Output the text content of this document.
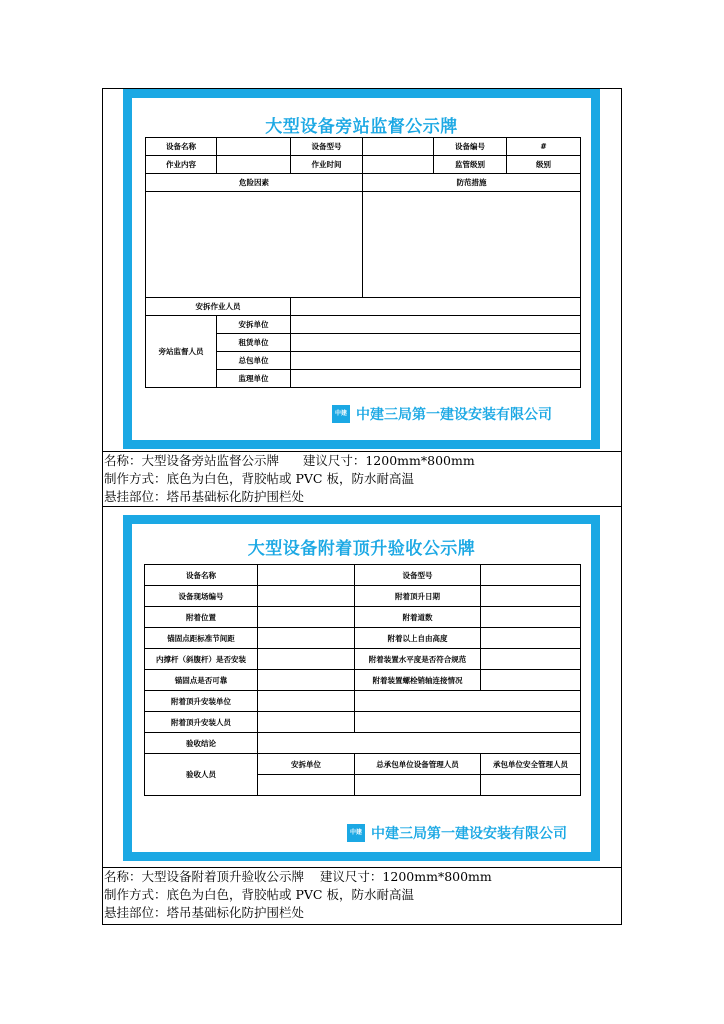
大型设备旁站监督公示牌
设备名称		设备型号		设备编号	#
作业内容		作业时间		监管级别	级别
危险因素			防范措施		

安拆作业人员					
旁站监督人员	安拆单位				
	租赁单位				
	总包单位				
	监理单位				
中建 中建三局第一建设安装有限公司
名称：大型设备旁站监督公示牌 建议尺寸：1200mm*800mm
制作方式：底色为白色，背胶帖或 PVC 板，防水耐高温
悬挂部位：塔吊基础标化防护围栏处
大型设备附着顶升验收公示牌
设备名称		设备型号	
设备现场编号		附着顶升日期	
附着位置		附着道数	
锚固点距标准节间距		附着以上自由高度	
内撑杆（斜腹杆）是否安装		附着装置水平度是否符合规范	
锚固点是否可靠		附着装置螺栓销轴连接情况	
附着顶升安装单位			
附着顶升安装人员			
验收结论			
验收人员	安拆单位	总承包单位设备管理人员	承包单位安全管理人员

中建 中建三局第一建设安装有限公司
名称：大型设备附着顶升验收公示牌 建议尺寸：1200mm*800mm
制作方式：底色为白色，背胶帖或 PVC 板，防水耐高温
悬挂部位：塔吊基础标化防护围栏处
